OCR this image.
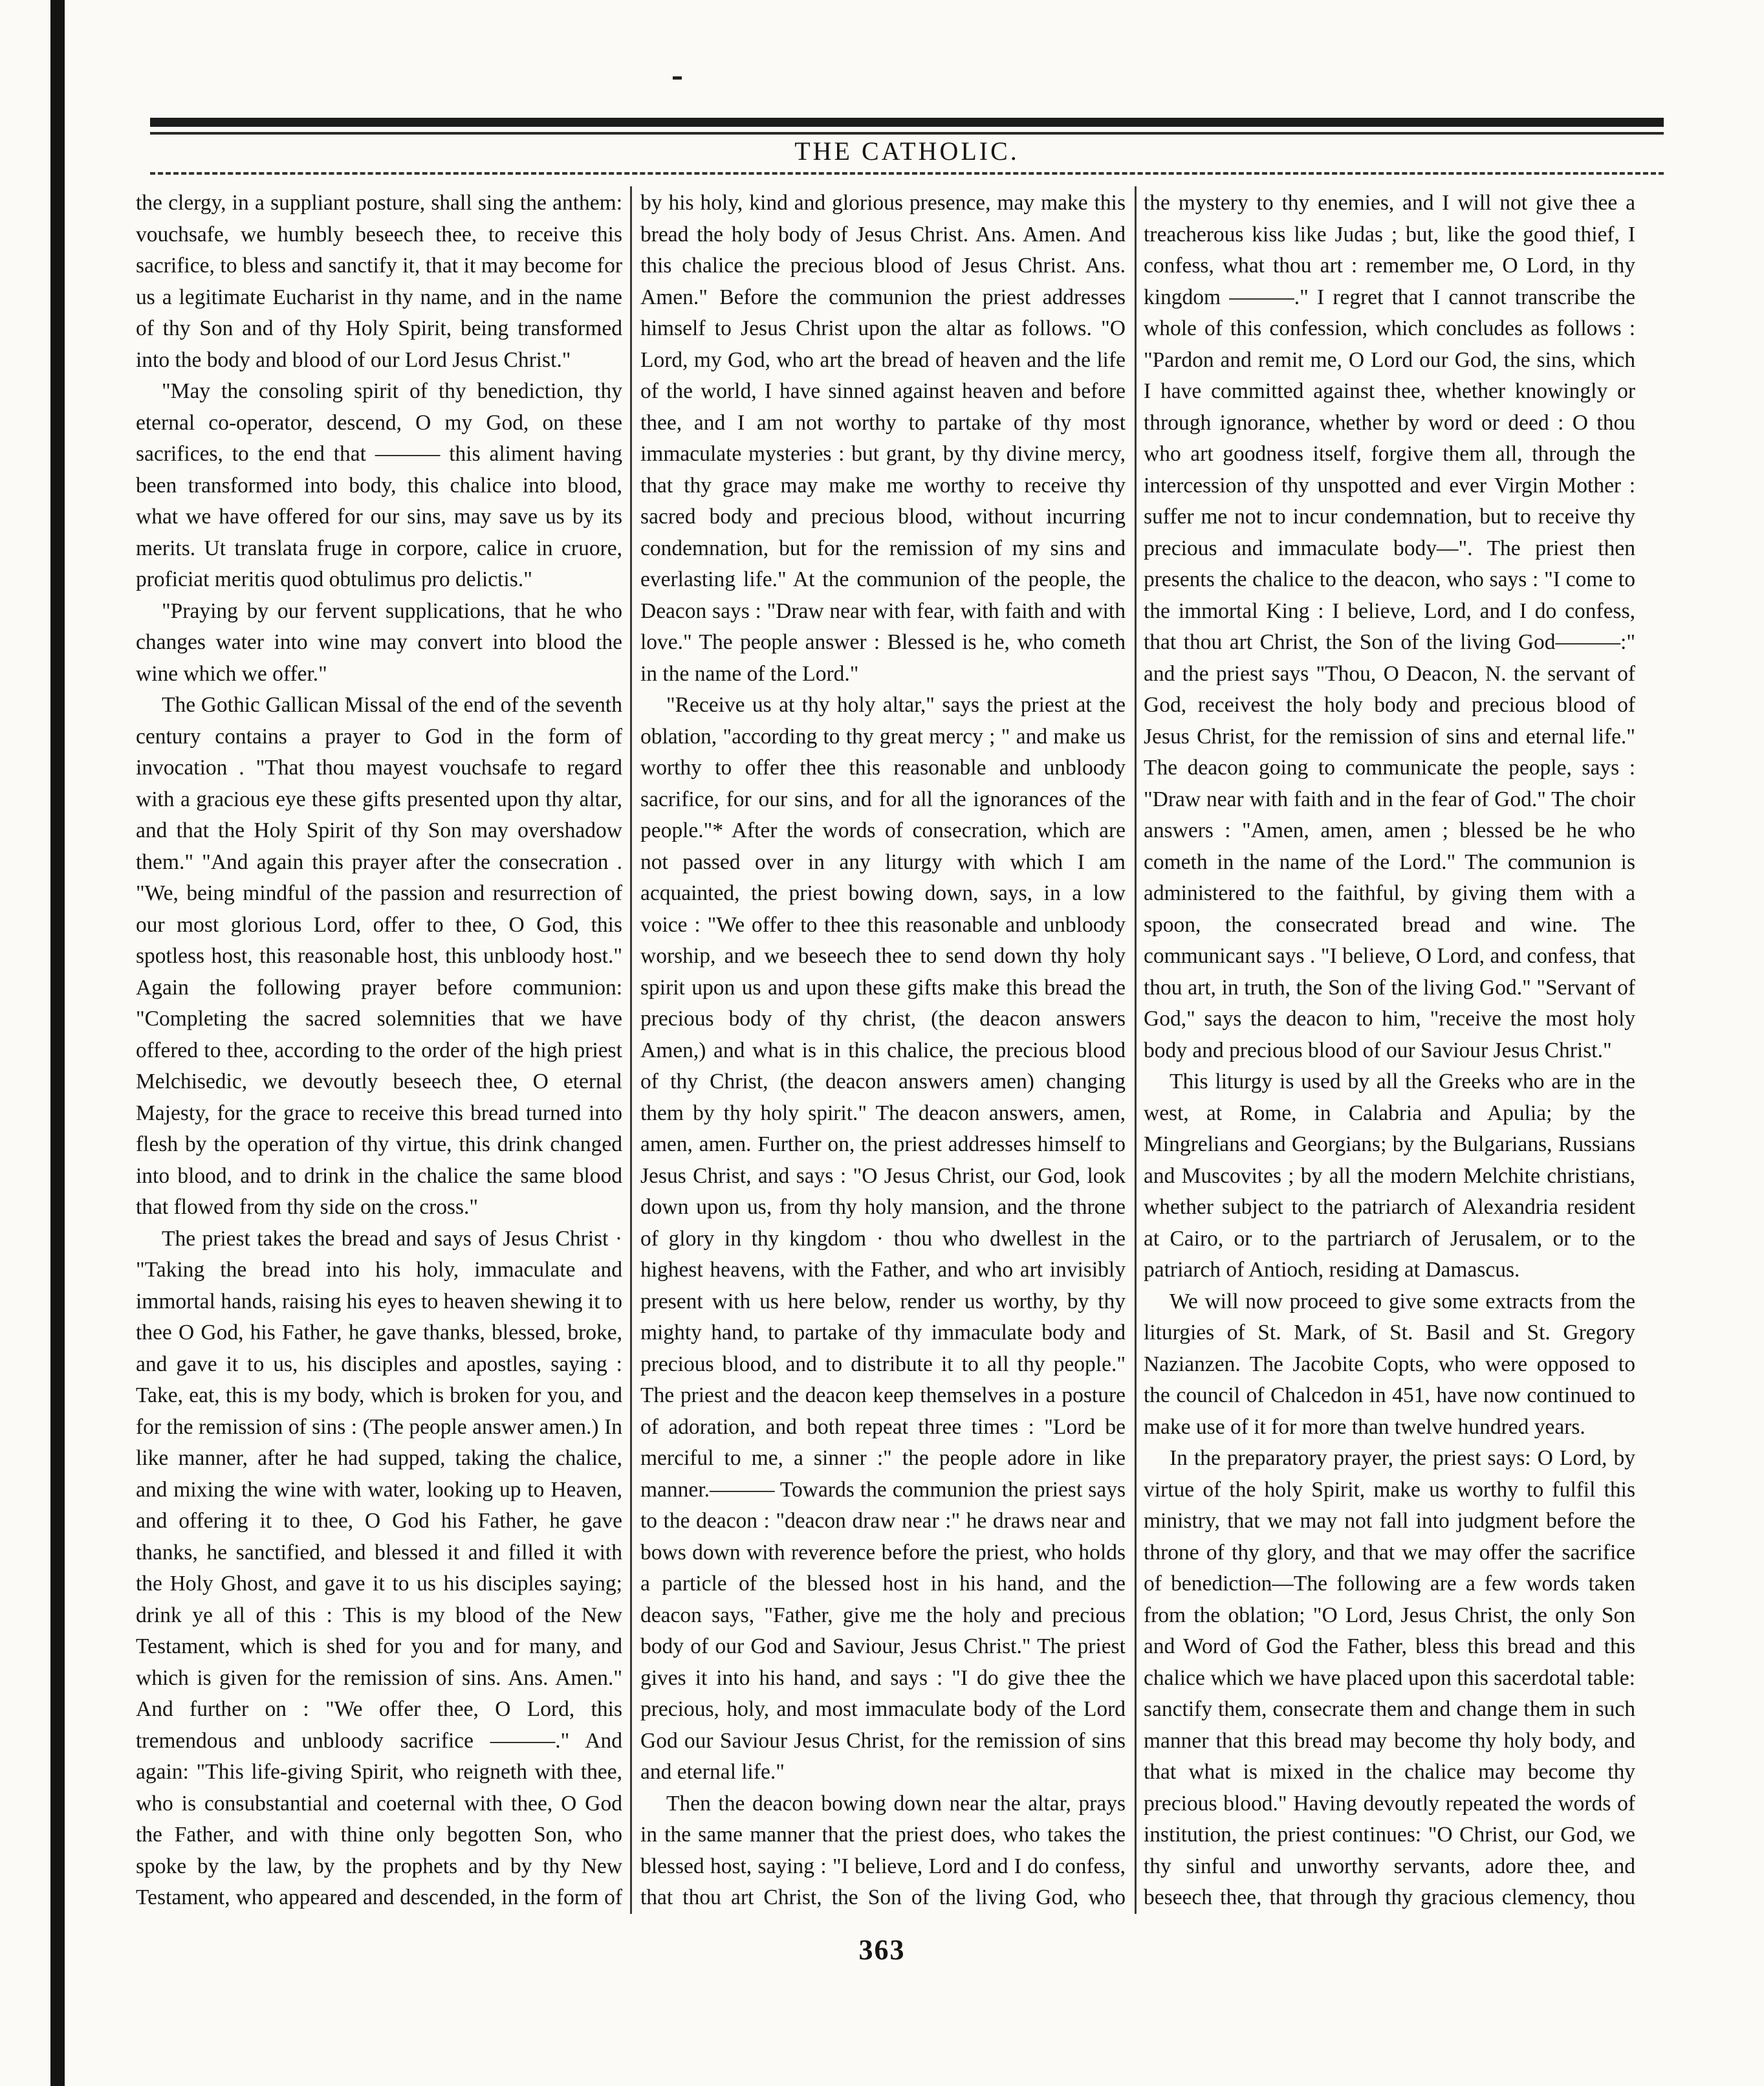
THE CATHOLIC.

the clergy, in a suppliant posture, shall sing the anthem: vouchsafe, we humbly beseech thee, to receive this sacrifice, to bless and sanctify it, that it may become for us a legitimate Eucharist in thy name, and in the name of thy Son and of thy Holy Spirit, being transformed into the body and blood of our Lord Jesus Christ."

"May the consoling spirit of thy benediction, thy eternal co-operator, descend, O my God, on these sacrifices, to the end that ——— this aliment having been transformed into body, this chalice into blood, what we have offered for our sins, may save us by its merits. Ut translata fruge in corpore, calice in cruore, proficiat meritis quod obtulimus pro delictis."

"Praying by our fervent supplications, that he who changes water into wine may convert into blood the wine which we offer."

The Gothic Gallican Missal of the end of the seventh century contains a prayer to God in the form of invocation . "That thou mayest vouchsafe to regard with a gracious eye these gifts presented upon thy altar, and that the Holy Spirit of thy Son may overshadow them." "And again this prayer after the consecration . "We, being mindful of the passion and resurrection of our most glorious Lord, offer to thee, O God, this spotless host, this reasonable host, this unbloody host." Again the following prayer before communion: "Completing the sacred solemnities that we have offered to thee, according to the order of the high priest Melchisedic, we devoutly beseech thee, O eternal Majesty, for the grace to receive this bread turned into flesh by the operation of thy virtue, this drink changed into blood, and to drink in the chalice the same blood that flowed from thy side on the cross."

The priest takes the bread and says of Jesus Christ · "Taking the bread into his holy, immaculate and immortal hands, raising his eyes to heaven shewing it to thee O God, his Father, he gave thanks, blessed, broke, and gave it to us, his disciples and apostles, saying : Take, eat, this is my body, which is broken for you, and for the remission of sins : (The people answer amen.) In like manner, after he had supped, taking the chalice, and mixing the wine with water, looking up to Heaven, and offering it to thee, O God his Father, he gave thanks, he sanctified, and blessed it and filled it with the Holy Ghost, and gave it to us his disciples saying; drink ye all of this : This is my blood of the New Testament, which is shed for you and for many, and which is given for the remission of sins. Ans. Amen." And further on : "We offer thee, O Lord, this tremendous and unbloody sacrifice ———." And again: "This life-giving Spirit, who reigneth with thee, who is consubstantial and coeternal with thee, O God the Father, and with thine only begotten Son, who spoke by the law, by the prophets and by thy New Testament, who appeared and descended, in the form of

by his holy, kind and glorious presence, may make this bread the holy body of Jesus Christ. Ans. Amen. And this chalice the precious blood of Jesus Christ. Ans. Amen." Before the communion the priest addresses himself to Jesus Christ upon the altar as follows. "O Lord, my God, who art the bread of heaven and the life of the world, I have sinned against heaven and before thee, and I am not worthy to partake of thy most immaculate mysteries : but grant, by thy divine mercy, that thy grace may make me worthy to receive thy sacred body and precious blood, without incurring condemnation, but for the remission of my sins and everlasting life." At the communion of the people, the Deacon says : "Draw near with fear, with faith and with love." The people answer : Blessed is he, who cometh in the name of the Lord."

"Receive us at thy holy altar," says the priest at the oblation, "according to thy great mercy ; " and make us worthy to offer thee this reasonable and unbloody sacrifice, for our sins, and for all the ignorances of the people."* After the words of consecration, which are not passed over in any liturgy with which I am acquainted, the priest bowing down, says, in a low voice : "We offer to thee this reasonable and unbloody worship, and we beseech thee to send down thy holy spirit upon us and upon these gifts make this bread the precious body of thy christ, (the deacon answers Amen,) and what is in this chalice, the precious blood of thy Christ, (the deacon answers amen) changing them by thy holy spirit." The deacon answers, amen, amen, amen. Further on, the priest addresses himself to Jesus Christ, and says : "O Jesus Christ, our God, look down upon us, from thy holy mansion, and the throne of glory in thy kingdom · thou who dwellest in the highest heavens, with the Father, and who art invisibly present with us here below, render us worthy, by thy mighty hand, to partake of thy immaculate body and precious blood, and to distribute it to all thy people." The priest and the deacon keep themselves in a posture of adoration, and both repeat three times : "Lord be merciful to me, a sinner :" the people adore in like manner.——— Towards the communion the priest says to the deacon : "deacon draw near :" he draws near and bows down with reverence before the priest, who holds a particle of the blessed host in his hand, and the deacon says, "Father, give me the holy and precious body of our God and Saviour, Jesus Christ." The priest gives it into his hand, and says : "I do give thee the precious, holy, and most immaculate body of the Lord God our Saviour Jesus Christ, for the remission of sins and eternal life."

Then the deacon bowing down near the altar, prays in the same manner that the priest does, who takes the blessed host, saying : "I believe, Lord and I do confess, that thou art Christ, the Son of the living God, who

the mystery to thy enemies, and I will not give thee a treacherous kiss like Judas ; but, like the good thief, I confess, what thou art : remember me, O Lord, in thy kingdom ———." I regret that I cannot transcribe the whole of this confession, which concludes as follows : "Pardon and remit me, O Lord our God, the sins, which I have committed against thee, whether knowingly or through ignorance, whether by word or deed : O thou who art goodness itself, forgive them all, through the intercession of thy unspotted and ever Virgin Mother : suffer me not to incur condemnation, but to receive thy precious and immaculate body—". The priest then presents the chalice to the deacon, who says : "I come to the immortal King : I believe, Lord, and I do confess, that thou art Christ, the Son of the living God———:" and the priest says "Thou, O Deacon, N. the servant of God, receivest the holy body and precious blood of Jesus Christ, for the remission of sins and eternal life." The deacon going to communicate the people, says : "Draw near with faith and in the fear of God." The choir answers : "Amen, amen, amen ; blessed be he who cometh in the name of the Lord." The communion is administered to the faithful, by giving them with a spoon, the consecrated bread and wine. The communicant says . "I believe, O Lord, and confess, that thou art, in truth, the Son of the living God." "Servant of God," says the deacon to him, "receive the most holy body and precious blood of our Saviour Jesus Christ."

This liturgy is used by all the Greeks who are in the west, at Rome, in Calabria and Apulia; by the Mingrelians and Georgians; by the Bulgarians, Russians and Muscovites ; by all the modern Melchite christians, whether subject to the patriarch of Alexandria resident at Cairo, or to the partriarch of Jerusalem, or to the patriarch of Antioch, residing at Damascus.

We will now proceed to give some extracts from the liturgies of St. Mark, of St. Basil and St. Gregory Nazianzen. The Jacobite Copts, who were opposed to the council of Chalcedon in 451, have now continued to make use of it for more than twelve hundred years.

In the preparatory prayer, the priest says: O Lord, by virtue of the holy Spirit, make us worthy to fulfil this ministry, that we may not fall into judgment before the throne of thy glory, and that we may offer the sacrifice of benediction—The following are a few words taken from the oblation; "O Lord, Jesus Christ, the only Son and Word of God the Father, bless this bread and this chalice which we have placed upon this sacerdotal table: sanctify them, consecrate them and change them in such manner that this bread may become thy holy body, and that what is mixed in the chalice may become thy precious blood." Having devoutly repeated the words of institution, the priest continues: "O Christ, our God, we thy sinful and unworthy servants, adore thee, and beseech thee, that through thy gracious clemency, thou

363
